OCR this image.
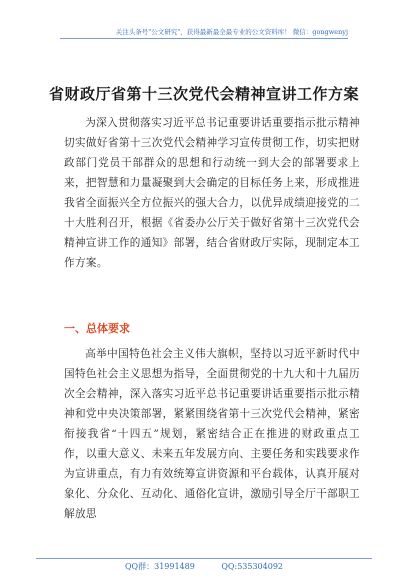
关注头条号"公文研究"，获得最新最全最专业的公文资料库！ 微信：gongwenyj
省财政厅省第十三次党代会精神宣讲工作方案

为深入贯彻落实习近平总书记重要讲话重要指示批示精神切实做好省第十三次党代会精神学习宣传贯彻工作，切实把财政部门党员干部群众的思想和行动统一到大会的部署要求上来，把智慧和力量凝聚到大会确定的目标任务上来，形成推进我省全面振兴全方位振兴的强大合力，以优异成绩迎接党的二十大胜利召开，根据《省委办公厅关于做好省第十三次党代会精神宣讲工作的通知》部署，结合省财政厅实际，现制定本工作方案。

一、总体要求

高举中国特色社会主义伟大旗帜，坚持以习近平新时代中国特色社会主义思想为指导，全面贯彻党的十九大和十九届历次全会精神，深入落实习近平总书记重要讲话重要指示批示精神和党中央决策部署，紧紧围绕省第十三次党代会精神，紧密衔接我省“十四五”规划，紧密结合正在推进的财政重点工作，以重大意义、未来五年发展方向、主要任务和实践要求作为宣讲重点，有力有效统筹宣讲资源和平台载体，认真开展对象化、分众化、互动化、通俗化宣讲，激励引导全厅干部职工解放思

QQ群：31991489	QQ:535304092
